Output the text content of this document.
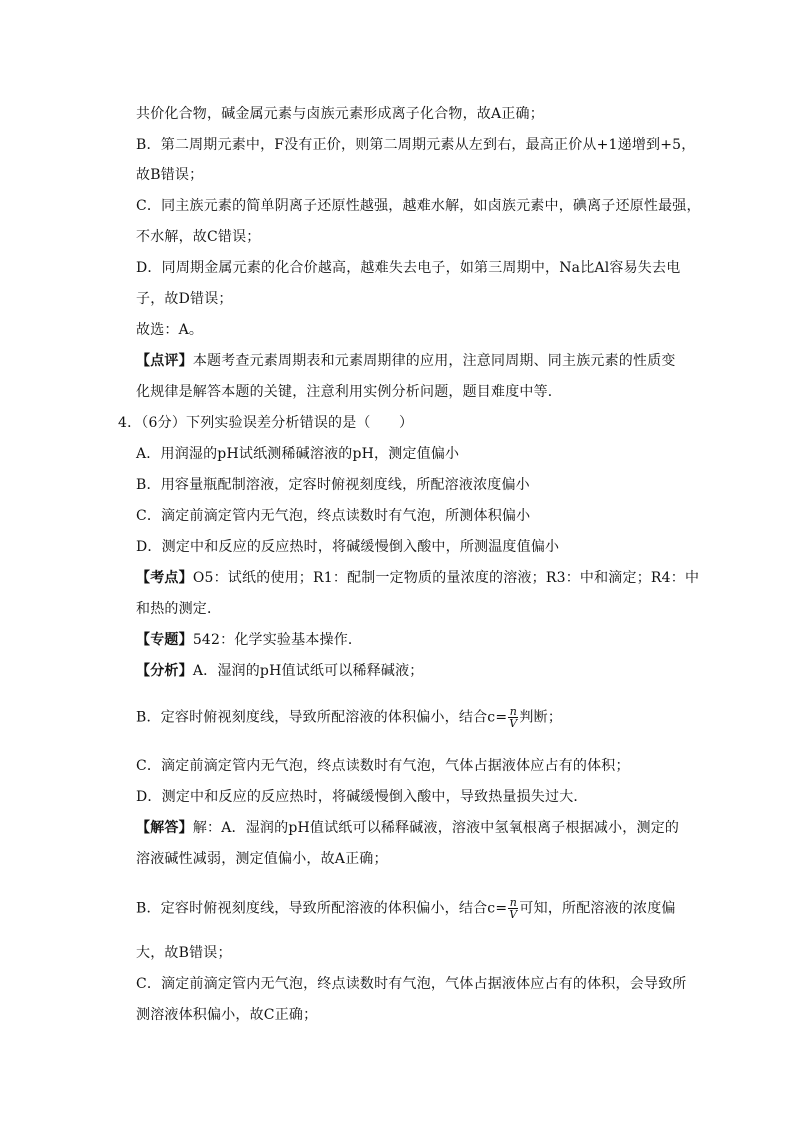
共价化合物，碱金属元素与卤族元素形成离子化合物，故A正确；
B．第二周期元素中，F没有正价，则第二周期元素从左到右，最高正价从+1递增到+5，
故B错误；
C．同主族元素的简单阴离子还原性越强，越难水解，如卤族元素中，碘离子还原性最强，
不水解，故C错误；
D．同周期金属元素的化合价越高，越难失去电子，如第三周期中，Na比Al容易失去电
子，故D错误；
故选：A。
【点评】本题考查元素周期表和元素周期律的应用，注意同周期、同主族元素的性质变
化规律是解答本题的关键，注意利用实例分析问题，题目难度中等．
4．（6分）下列实验误差分析错误的是（　　）
A．用润湿的pH试纸测稀碱溶液的pH，测定值偏小
B．用容量瓶配制溶液，定容时俯视刻度线，所配溶液浓度偏小
C．滴定前滴定管内无气泡，终点读数时有气泡，所测体积偏小
D．测定中和反应的反应热时，将碱缓慢倒入酸中，所测温度值偏小
【考点】O5：试纸的使用；R1：配制一定物质的量浓度的溶液；R3：中和滴定；R4：中
和热的测定．
【专题】542：化学实验基本操作．
【分析】A．湿润的pH值试纸可以稀释碱液；
B．定容时俯视刻度线，导致所配溶液的体积偏小，结合$c= \frac{n}{V}$ 判断；
C．滴定前滴定管内无气泡，终点读数时有气泡，气体占据液体应占有的体积；
D．测定中和反应的反应热时，将碱缓慢倒入酸中，导致热量损失过大．
【解答】解：A．湿润的pH值试纸可以稀释碱液，溶液中氢氧根离子根据减小，测定的
溶液碱性减弱，测定值偏小，故A正确；
B．定容时俯视刻度线，导致所配溶液的体积偏小，结合$c= \frac{n}{V}$ 可知，所配溶液的浓度偏
大，故B错误；
C．滴定前滴定管内无气泡，终点读数时有气泡，气体占据液体应占有的体积，会导致所
测溶液体积偏小，故C正确；
